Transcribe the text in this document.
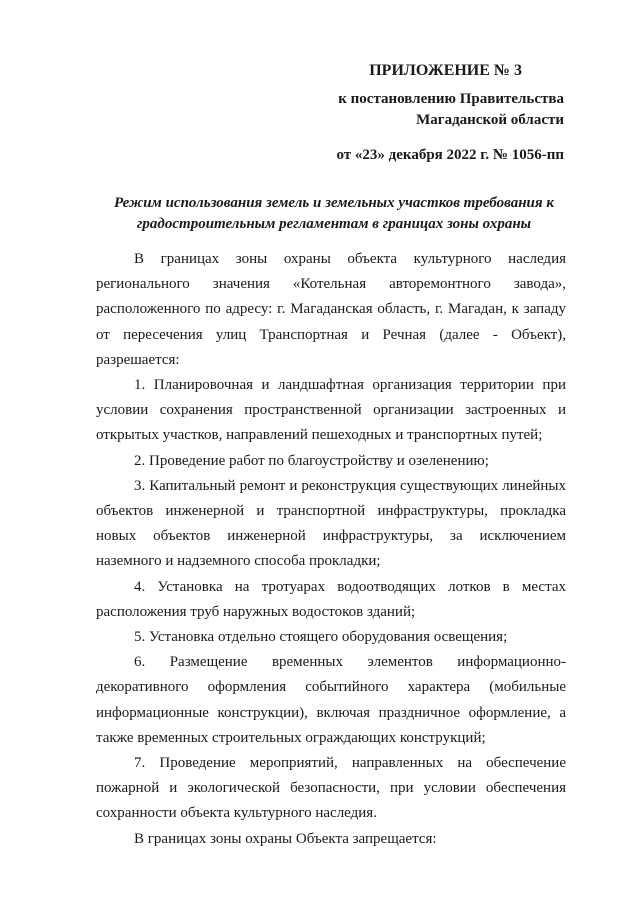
ПРИЛОЖЕНИЕ № 3
к постановлению Правительства
Магаданской области
от «23» декабря 2022 г. № 1056-пп
Режим использования земель и земельных участков требования к
градостроительным регламентам в границах зоны охраны

В границах зоны охраны объекта культурного наследия регионального значения «Котельная авторемонтного завода», расположенного по адресу: г. Магаданская область, г. Магадан, к западу от пересечения улиц Транспортная и Речная (далее - Объект), разрешается:

1. Планировочная и ландшафтная организация территории при условии сохранения пространственной организации застроенных и открытых участков, направлений пешеходных и транспортных путей;

2. Проведение работ по благоустройству и озеленению;

3. Капитальный ремонт и реконструкция существующих линейных объектов инженерной и транспортной инфраструктуры, прокладка новых объектов инженерной инфраструктуры, за исключением наземного и надземного способа прокладки;

4. Установка на тротуарах водоотводящих лотков в местах расположения труб наружных водостоков зданий;

5. Установка отдельно стоящего оборудования освещения;

6. Размещение временных элементов информационно-декоративного оформления событийного характера (мобильные информационные конструкции), включая праздничное оформление, а также временных строительных ограждающих конструкций;

7. Проведение мероприятий, направленных на обеспечение пожарной и экологической безопасности, при условии обеспечения сохранности объекта культурного наследия.

В границах зоны охраны Объекта запрещается:
